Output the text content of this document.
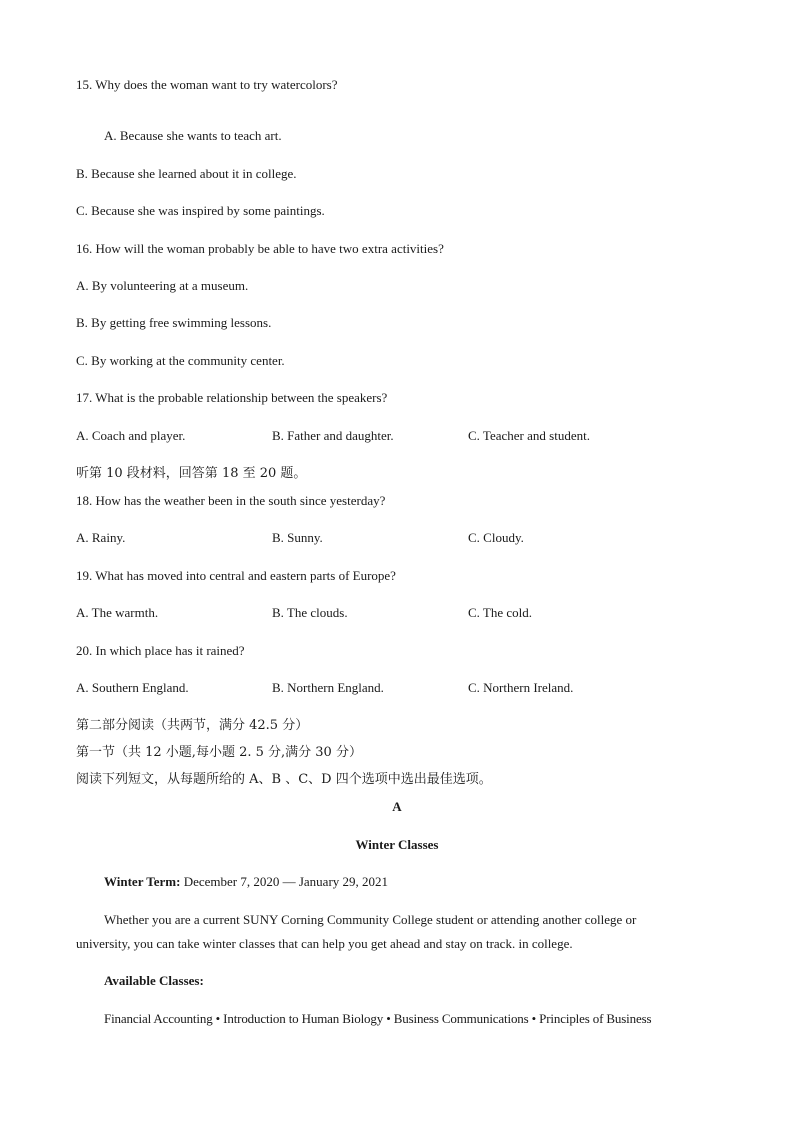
15. Why does the woman want to try watercolors?
A. Because she wants to teach art.
B. Because she learned about it in college.
C. Because she was inspired by some paintings.
16. How will the woman probably be able to have two extra activities?
A. By volunteering at a museum.
B. By getting free swimming lessons.
C. By working at the community center.
17. What is the probable relationship between the speakers?
A. Coach and player.	B. Father and daughter.	C. Teacher and student.
听第 10 段材料，回答第 18 至 20 题。
18. How has the weather been in the south since yesterday?
A. Rainy.	B. Sunny.	C. Cloudy.
19. What has moved into central and eastern parts of Europe?
A. The warmth.	B. The clouds.	C. The cold.
20. In which place has it rained?
A. Southern England.	B. Northern England.	C. Northern Ireland.
第二部分阅读（共两节，满分 42.5 分）
第一节（共 12 小题,每小题 2. 5 分,满分 30 分）
阅读下列短文，从每题所给的 A、B 、C、D 四个选项中选出最佳选项。
A
Winter Classes
Winter Term: December 7, 2020 — January 29, 2021
Whether you are a current SUNY Corning Community College student or attending another college or
university, you can take winter classes that can help you get ahead and stay on track. in college.
Available Classes:
Financial Accounting • Introduction to Human Biology • Business Communications • Principles of Business
